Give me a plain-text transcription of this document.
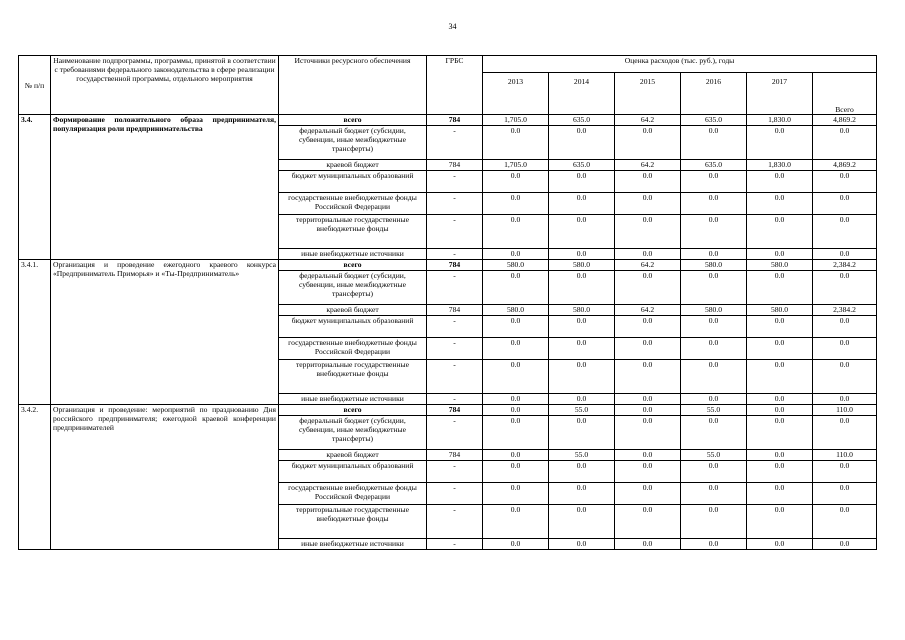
34
№ п/п	Наименование подпрограммы, программы, принятой в соответствии с требованиями федерального законодательства в сфере реализации государственной программы, отдельного мероприятия	Источники ресурсного обеспечения	ГРБС	Оценка расходов (тыс. руб.), годы					
				2013	2014	2015	2016	2017	Всего
3.4.	Формирование положительного образа предпринимателя, популяризация роли предпринимательства	всего	784	1,705.0	635.0	64.2	635.0	1,830.0	4,869.2
		федеральный бюджет (субсидии, субвенции, иные межбюджетные трансферты)	-	0.0	0.0	0.0	0.0	0.0	0.0
		краевой бюджет	784	1,705.0	635.0	64.2	635.0	1,830.0	4,869.2
		бюджет муниципальных образований	-	0.0	0.0	0.0	0.0	0.0	0.0
		государственные внебюджетные фонды Российской Федерации	-	0.0	0.0	0.0	0.0	0.0	0.0
		территориальные государственные внебюджетные фонды	-	0.0	0.0	0.0	0.0	0.0	0.0
		иные внебюджетные источники	-	0.0	0.0	0.0	0.0	0.0	0.0
3.4.1.	Организация и проведение ежегодного краевого конкурса «Предприниматель Приморья» и «Ты-Предприниматель»	всего	784	580.0	580.0	64.2	580.0	580.0	2,384.2
		федеральный бюджет (субсидии, субвенции, иные межбюджетные трансферты)	-	0.0	0.0	0.0	0.0	0.0	0.0
		краевой бюджет	784	580.0	580.0	64.2	580.0	580.0	2,384.2
		бюджет муниципальных образований	-	0.0	0.0	0.0	0.0	0.0	0.0
		государственные внебюджетные фонды Российской Федерации	-	0.0	0.0	0.0	0.0	0.0	0.0
		территориальные государственные внебюджетные фонды	-	0.0	0.0	0.0	0.0	0.0	0.0
		иные внебюджетные источники	-	0.0	0.0	0.0	0.0	0.0	0.0
3.4.2.	Организация и проведение: мероприятий по празднованию Дня российского предпринимателя; ежегодной краевой конференции предпринимателей	всего	784	0.0	55.0	0.0	55.0	0.0	110.0
		федеральный бюджет (субсидии, субвенции, иные межбюджетные трансферты)	-	0.0	0.0	0.0	0.0	0.0	0.0
		краевой бюджет	784	0.0	55.0	0.0	55.0	0.0	110.0
		бюджет муниципальных образований	-	0.0	0.0	0.0	0.0	0.0	0.0
		государственные внебюджетные фонды Российской Федерации	-	0.0	0.0	0.0	0.0	0.0	0.0
		территориальные государственные внебюджетные фонды	-	0.0	0.0	0.0	0.0	0.0	0.0
		иные внебюджетные источники	-	0.0	0.0	0.0	0.0	0.0	0.0
